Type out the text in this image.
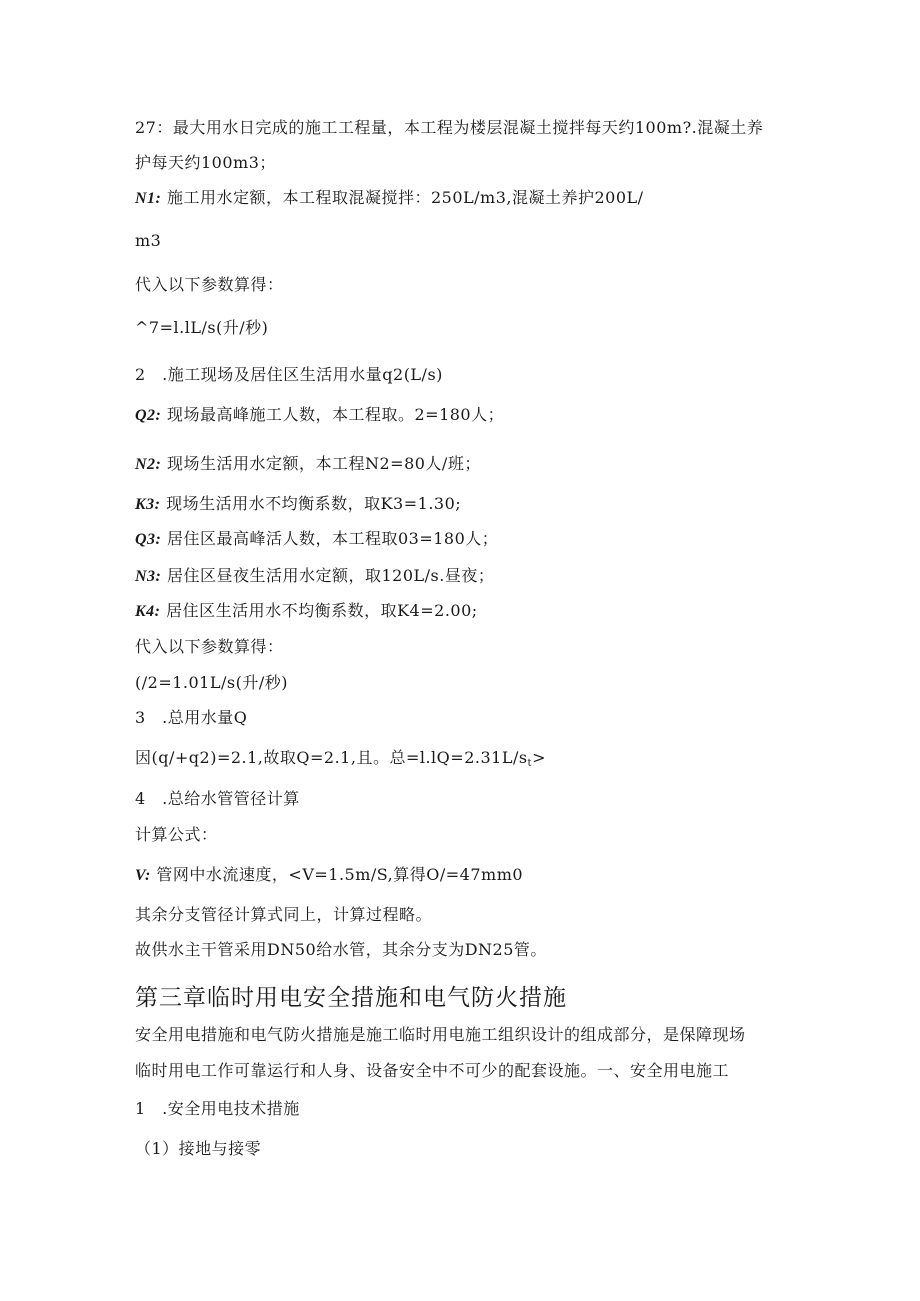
27：最大用水日完成的施工工程量，本工程为楼层混凝土搅拌每天约100m?.混凝土养
护每天约100m3；
N1: 施工用水定额，本工程取混凝搅拌：250L∕m3,混凝土养护200L/
m3
代入以下参数算得：
^7=l.lL∕s(升/秒)
2　.施工现场及居住区生活用水量q2(L∕s)
Q2: 现场最高峰施工人数，本工程取。2=180人；
N2: 现场生活用水定额，本工程N2=80人/班；
K3: 现场生活用水不均衡系数，取K3=1.30;
Q3: 居住区最高峰活人数，本工程取03=180人；
N3: 居住区昼夜生活用水定额，取120L∕s.昼夜；
K4: 居住区生活用水不均衡系数，取K4=2.00;
代入以下参数算得：
(∕2=1.01L∕s(升/秒)
3　.总用水量Q
因(q∕+q2)=2.1,故取Q=2.1,且。总$=l.lQ=2.31L∕s_t>$
4　.总给水管管径计算
计算公式：
V: 管网中水流速度，<V=1.5m∕S,算得O∕=47mm0
其余分支管径计算式同上，计算过程略。
故供水主干管采用DN50给水管，其余分支为DN25管。
第三章临时用电安全措施和电气防火措施
安全用电措施和电气防火措施是施工临时用电施工组织设计的组成部分，是保障现场
临时用电工作可靠运行和人身、设备安全中不可少的配套设施。一、安全用电施工
1　.安全用电技术措施
（1）接地与接零
